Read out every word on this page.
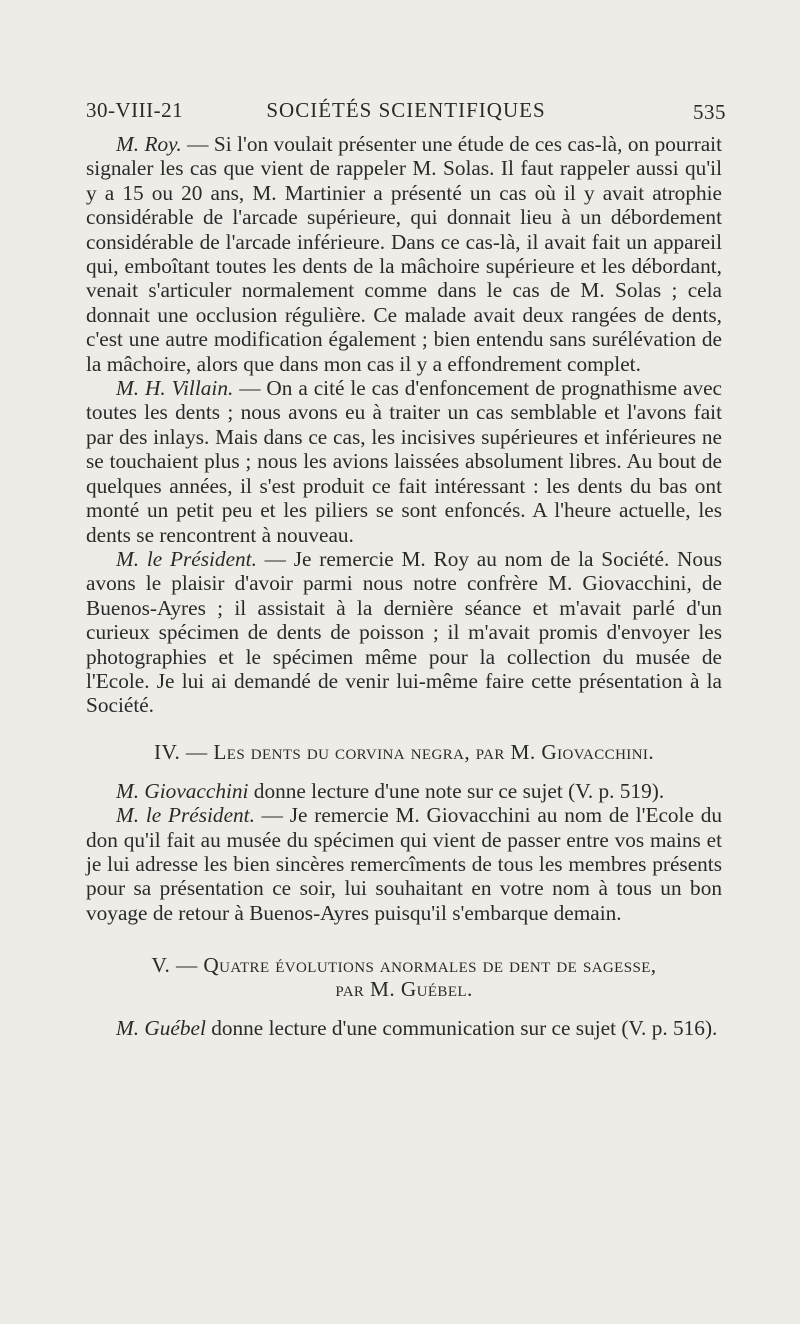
30-VIII-21	SOCIÉTÉS SCIENTIFIQUES	535

M. Roy. — Si l'on voulait présenter une étude de ces cas-là, on pourrait signaler les cas que vient de rappeler M. Solas. Il faut rappeler aussi qu'il y a 15 ou 20 ans, M. Martinier a présenté un cas où il y avait atrophie considérable de l'arcade supérieure, qui donnait lieu à un débordement considérable de l'arcade inférieure. Dans ce cas-là, il avait fait un appareil qui, emboîtant toutes les dents de la mâchoire supérieure et les débordant, venait s'articuler normalement comme dans le cas de M. Solas ; cela donnait une occlusion régulière. Ce malade avait deux rangées de dents, c'est une autre modification également ; bien entendu sans surélévation de la mâchoire, alors que dans mon cas il y a effondrement complet.

M. H. Villain. — On a cité le cas d'enfoncement de prognathisme avec toutes les dents ; nous avons eu à traiter un cas semblable et l'avons fait par des inlays. Mais dans ce cas, les incisives supérieures et inférieures ne se touchaient plus ; nous les avions laissées absolument libres. Au bout de quelques années, il s'est produit ce fait intéressant : les dents du bas ont monté un petit peu et les piliers se sont enfoncés. A l'heure actuelle, les dents se rencontrent à nouveau.

M. le Président. — Je remercie M. Roy au nom de la Société. Nous avons le plaisir d'avoir parmi nous notre confrère M. Giovacchini, de Buenos-Ayres ; il assistait à la dernière séance et m'avait parlé d'un curieux spécimen de dents de poisson ; il m'avait promis d'envoyer les photographies et le spécimen même pour la collection du musée de l'Ecole. Je lui ai demandé de venir lui-même faire cette présentation à la Société.

IV. — Les dents du corvina negra, par M. Giovacchini.

M. Giovacchini donne lecture d'une note sur ce sujet (V. p. 519).

M. le Président. — Je remercie M. Giovacchini au nom de l'Ecole du don qu'il fait au musée du spécimen qui vient de passer entre vos mains et je lui adresse les bien sincères remercîments de tous les membres présents pour sa présentation ce soir, lui souhaitant en votre nom à tous un bon voyage de retour à Buenos-Ayres puisqu'il s'embarque demain.

V. — Quatre évolutions anormales de dent de sagesse,
par M. Guébel.

M. Guébel donne lecture d'une communication sur ce sujet (V. p. 516).
